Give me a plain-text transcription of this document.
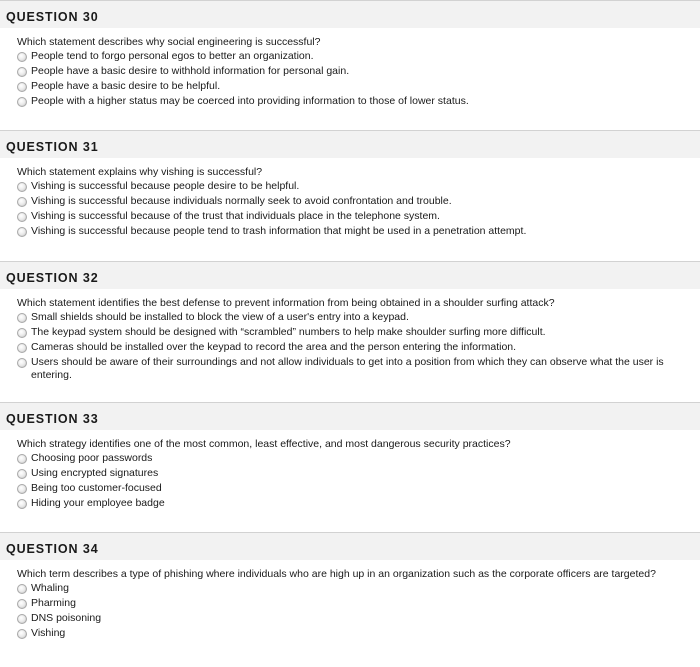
QUESTION 30

Which statement describes why social engineering is successful?

People tend to forgo personal egos to better an organization.
People have a basic desire to withhold information for personal gain.
People have a basic desire to be helpful.
People with a higher status may be coerced into providing information to those of lower status.
QUESTION 31

Which statement explains why vishing is successful?

Vishing is successful because people desire to be helpful.
Vishing is successful because individuals normally seek to avoid confrontation and trouble.
Vishing is successful because of the trust that individuals place in the telephone system.
Vishing is successful because people tend to trash information that might be used in a penetration attempt.
QUESTION 32

Which statement identifies the best defense to prevent information from being obtained in a shoulder surfing attack?

Small shields should be installed to block the view of a user's entry into a keypad.
The keypad system should be designed with “scrambled” numbers to help make shoulder surfing more difficult.
Cameras should be installed over the keypad to record the area and the person entering the information.
Users should be aware of their surroundings and not allow individuals to get into a position from which they can observe what the user is entering.
QUESTION 33

Which strategy identifies one of the most common, least effective, and most dangerous security practices?

Choosing poor passwords
Using encrypted signatures
Being too customer-focused
Hiding your employee badge
QUESTION 34

Which term describes a type of phishing where individuals who are high up in an organization such as the corporate officers are targeted?

Whaling
Pharming
DNS poisoning
Vishing
